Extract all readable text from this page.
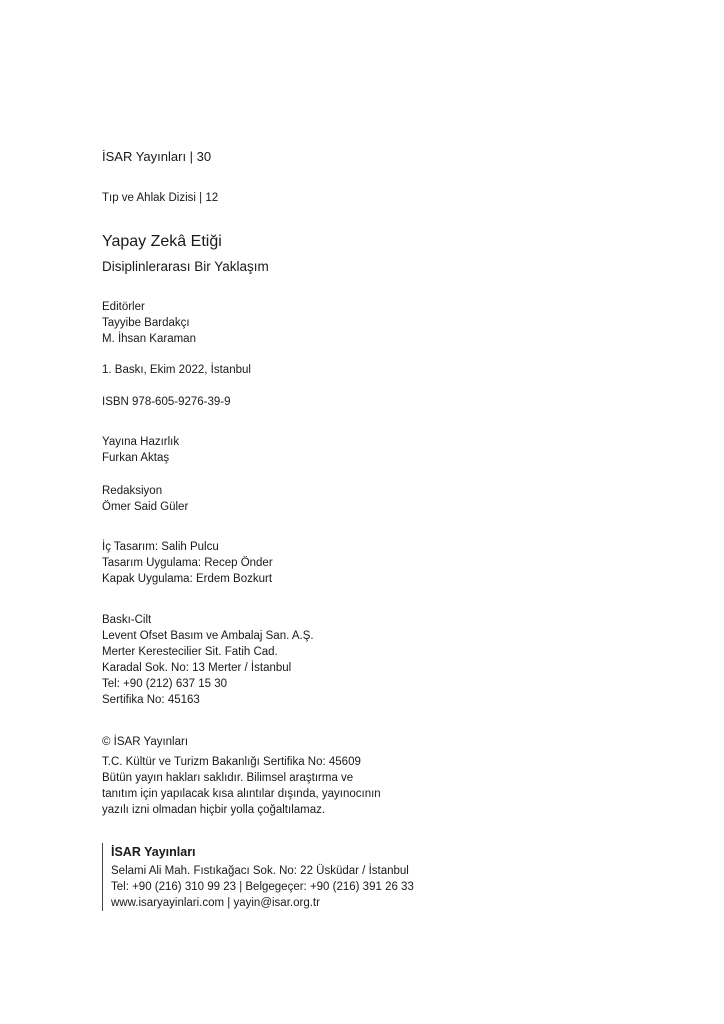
İSAR Yayınları | 30
Tıp ve Ahlak Dizisi | 12
Yapay Zekâ Etiği
Disiplinlerarası Bir Yaklaşım
Editörler
Tayyibe Bardakçı
M. İhsan Karaman
1. Baskı, Ekim 2022, İstanbul
ISBN 978-605-9276-39-9
Yayına Hazırlık
Furkan Aktaş
Redaksiyon
Ömer Said Güler
İç Tasarım: Salih Pulcu
Tasarım Uygulama: Recep Önder
Kapak Uygulama: Erdem Bozkurt
Baskı-Cilt
Levent Ofset Basım ve Ambalaj San. A.Ş.
Merter Kerestecilier Sit. Fatih Cad.
Karadal Sok. No: 13 Merter / İstanbul
Tel: +90 (212) 637 15 30
Sertifika No: 45163
© İSAR Yayınları
T.C. Kültür ve Turizm Bakanlığı Sertifika No: 45609
Bütün yayın hakları saklıdır. Bilimsel araştırma ve
tanıtım için yapılacak kısa alıntılar dışında, yayınocının
yazılı izni olmadan hiçbir yolla çoğaltılamaz.
İSAR Yayınları
Selami Ali Mah. Fıstıkağacı Sok. No: 22 Üsküdar / İstanbul
Tel: +90 (216) 310 99 23 | Belgegeçer: +90 (216) 391 26 33
www.isaryayinlari.com | yayin@isar.org.tr
